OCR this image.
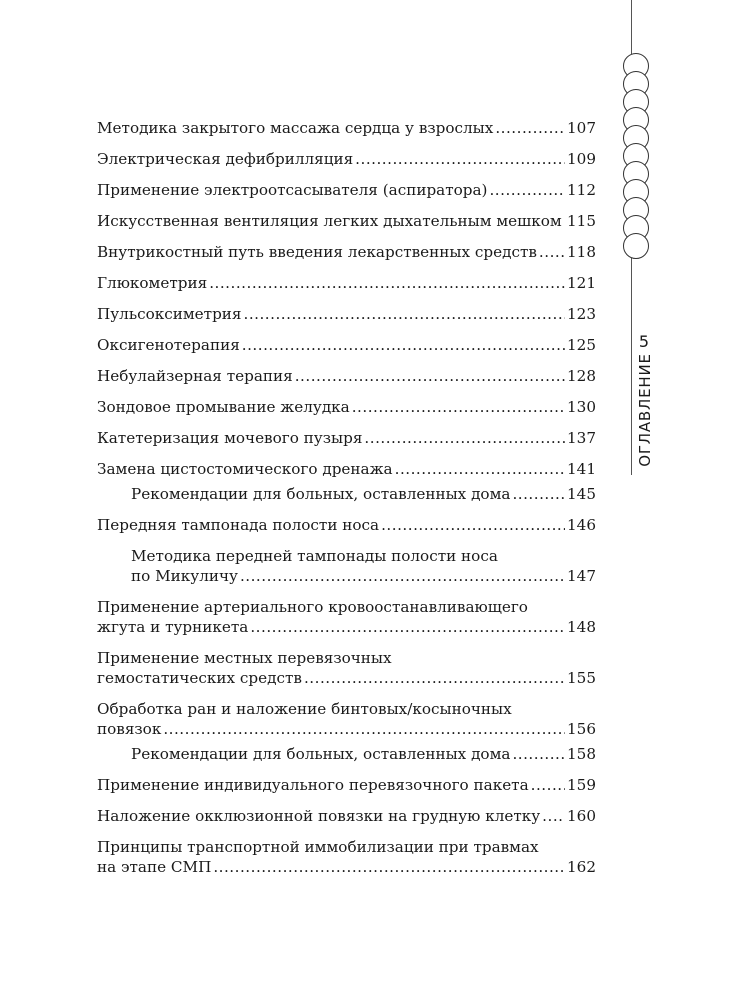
Методика закрытого массажа сердца у взрослых .....	107
Электрическая дефибрилляция .....	109
Применение электроотсасывателя (аспиратора) .....	112
Искусственная вентиляция легких дыхательным мешком ..... 115
Внутрикостный путь введения лекарственных средств ..... 118
Глюкометрия .....	121
Пульсоксиметрия .....	123
Оксигенотерапия .....	125
Небулайзерная терапия .....	128
Зондовое промывание желудка .....	130
Катетеризация мочевого пузыря .....	137
Замена цистостомического дренажа .....	141
Рекомендации для больных, оставленных дома .....	145
Передняя тампонада полости носа .....	146
Методика передней тампонады полости носа
по Микуличу .....	147
Применение артериального кровоостанавливающего
жгута и турникета .....	148
Применение местных перевязочных
гемостатических средств .....	155
Обработка ран и наложение бинтовых/косыночных
повязок .....	156
Рекомендации для больных, оставленных дома .....	158
Применение индивидуального перевязочного пакета .....	159
Наложение окклюзионной повязки на грудную клетку ..... 160
Принципы транспортной иммобилизации при травмах
на этапе СМП .....	162
5
ОГЛАВЛЕНИЕ
